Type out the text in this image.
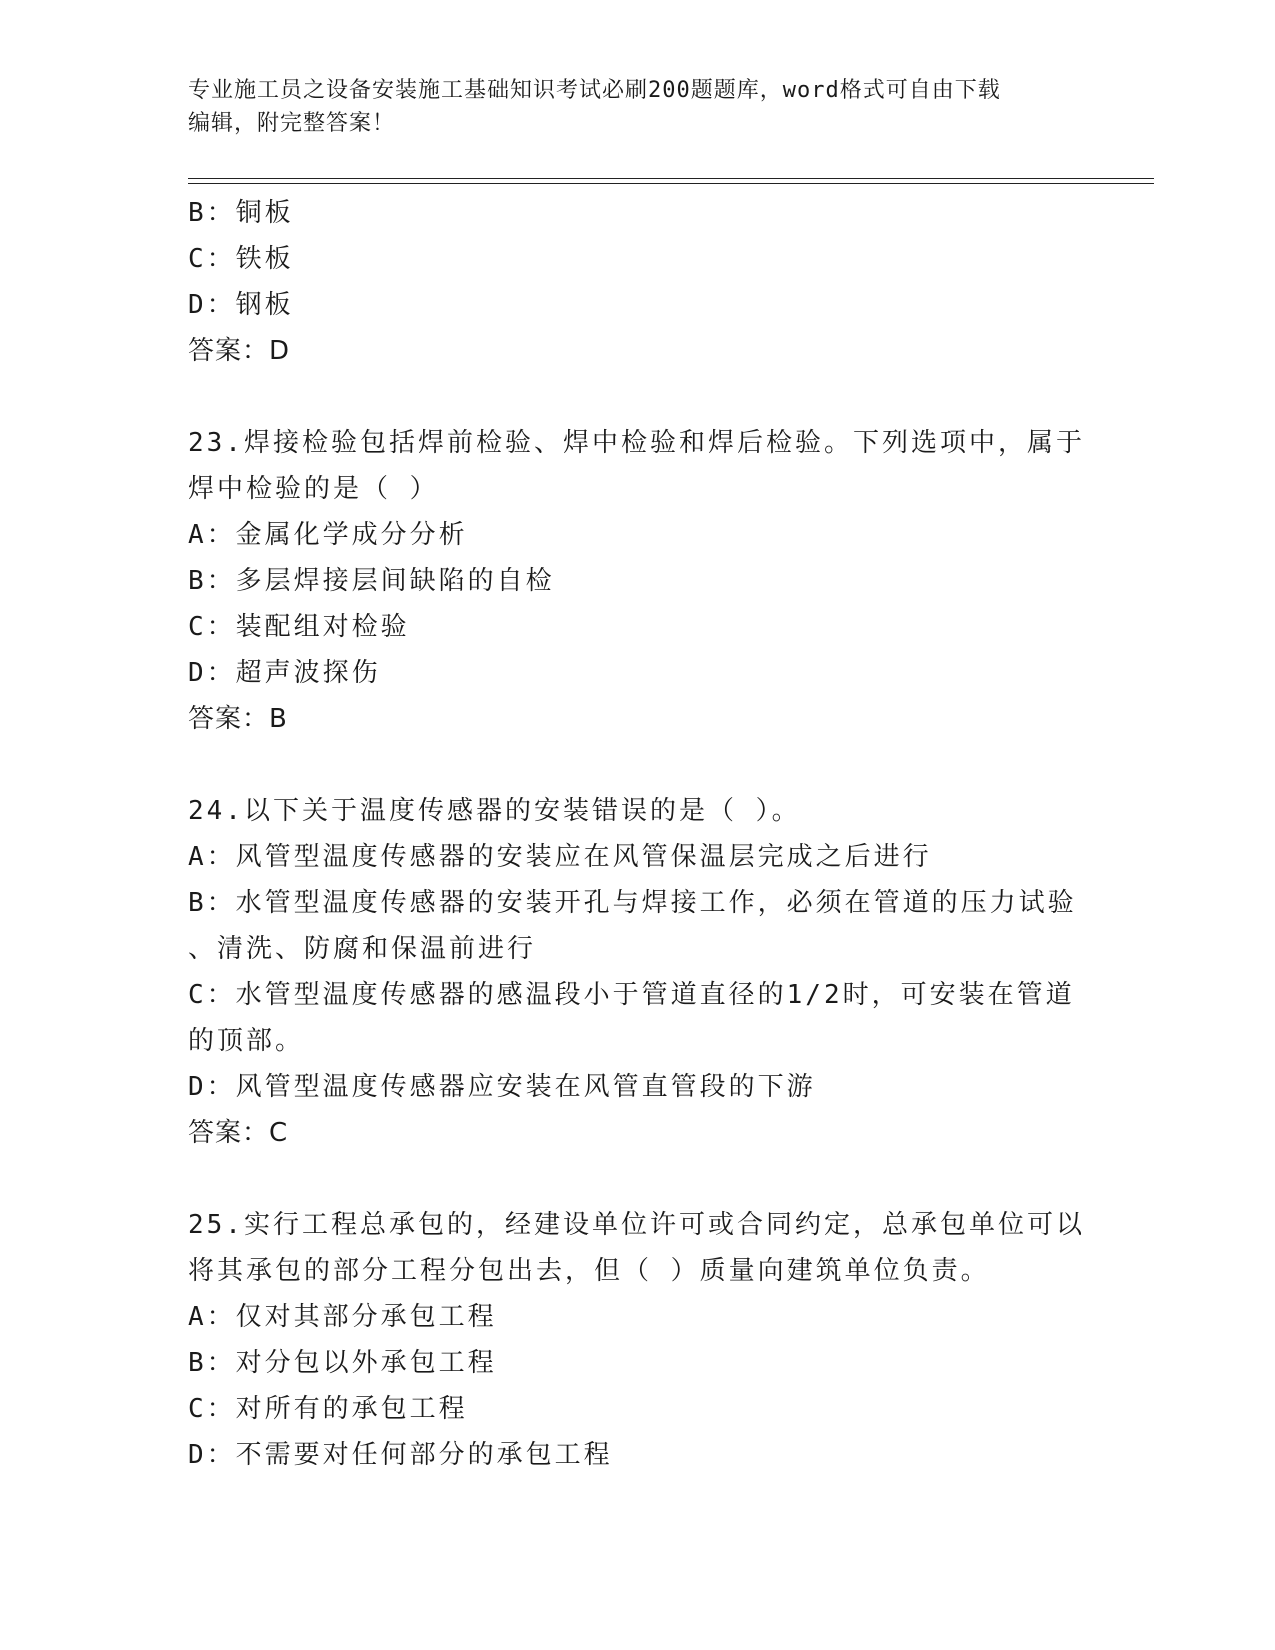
专业施工员之设备安装施工基础知识考试必刷200题题库，word格式可自由下载
编辑，附完整答案！
B：铜板
C：铁板
D：钢板
答案：D
23.焊接检验包括焊前检验、焊中检验和焊后检验。下列选项中，属于
焊中检验的是（ ）
A：金属化学成分分析
B：多层焊接层间缺陷的自检
C：装配组对检验
D：超声波探伤
答案：B
24.以下关于温度传感器的安装错误的是（ ）。
A：风管型温度传感器的安装应在风管保温层完成之后进行
B：水管型温度传感器的安装开孔与焊接工作，必须在管道的压力试验
、清洗、防腐和保温前进行
C：水管型温度传感器的感温段小于管道直径的1/2时，可安装在管道
的顶部。
D：风管型温度传感器应安装在风管直管段的下游
答案：C
25.实行工程总承包的，经建设单位许可或合同约定，总承包单位可以
将其承包的部分工程分包出去，但（ ）质量向建筑单位负责。
A：仅对其部分承包工程
B：对分包以外承包工程
C：对所有的承包工程
D：不需要对任何部分的承包工程
